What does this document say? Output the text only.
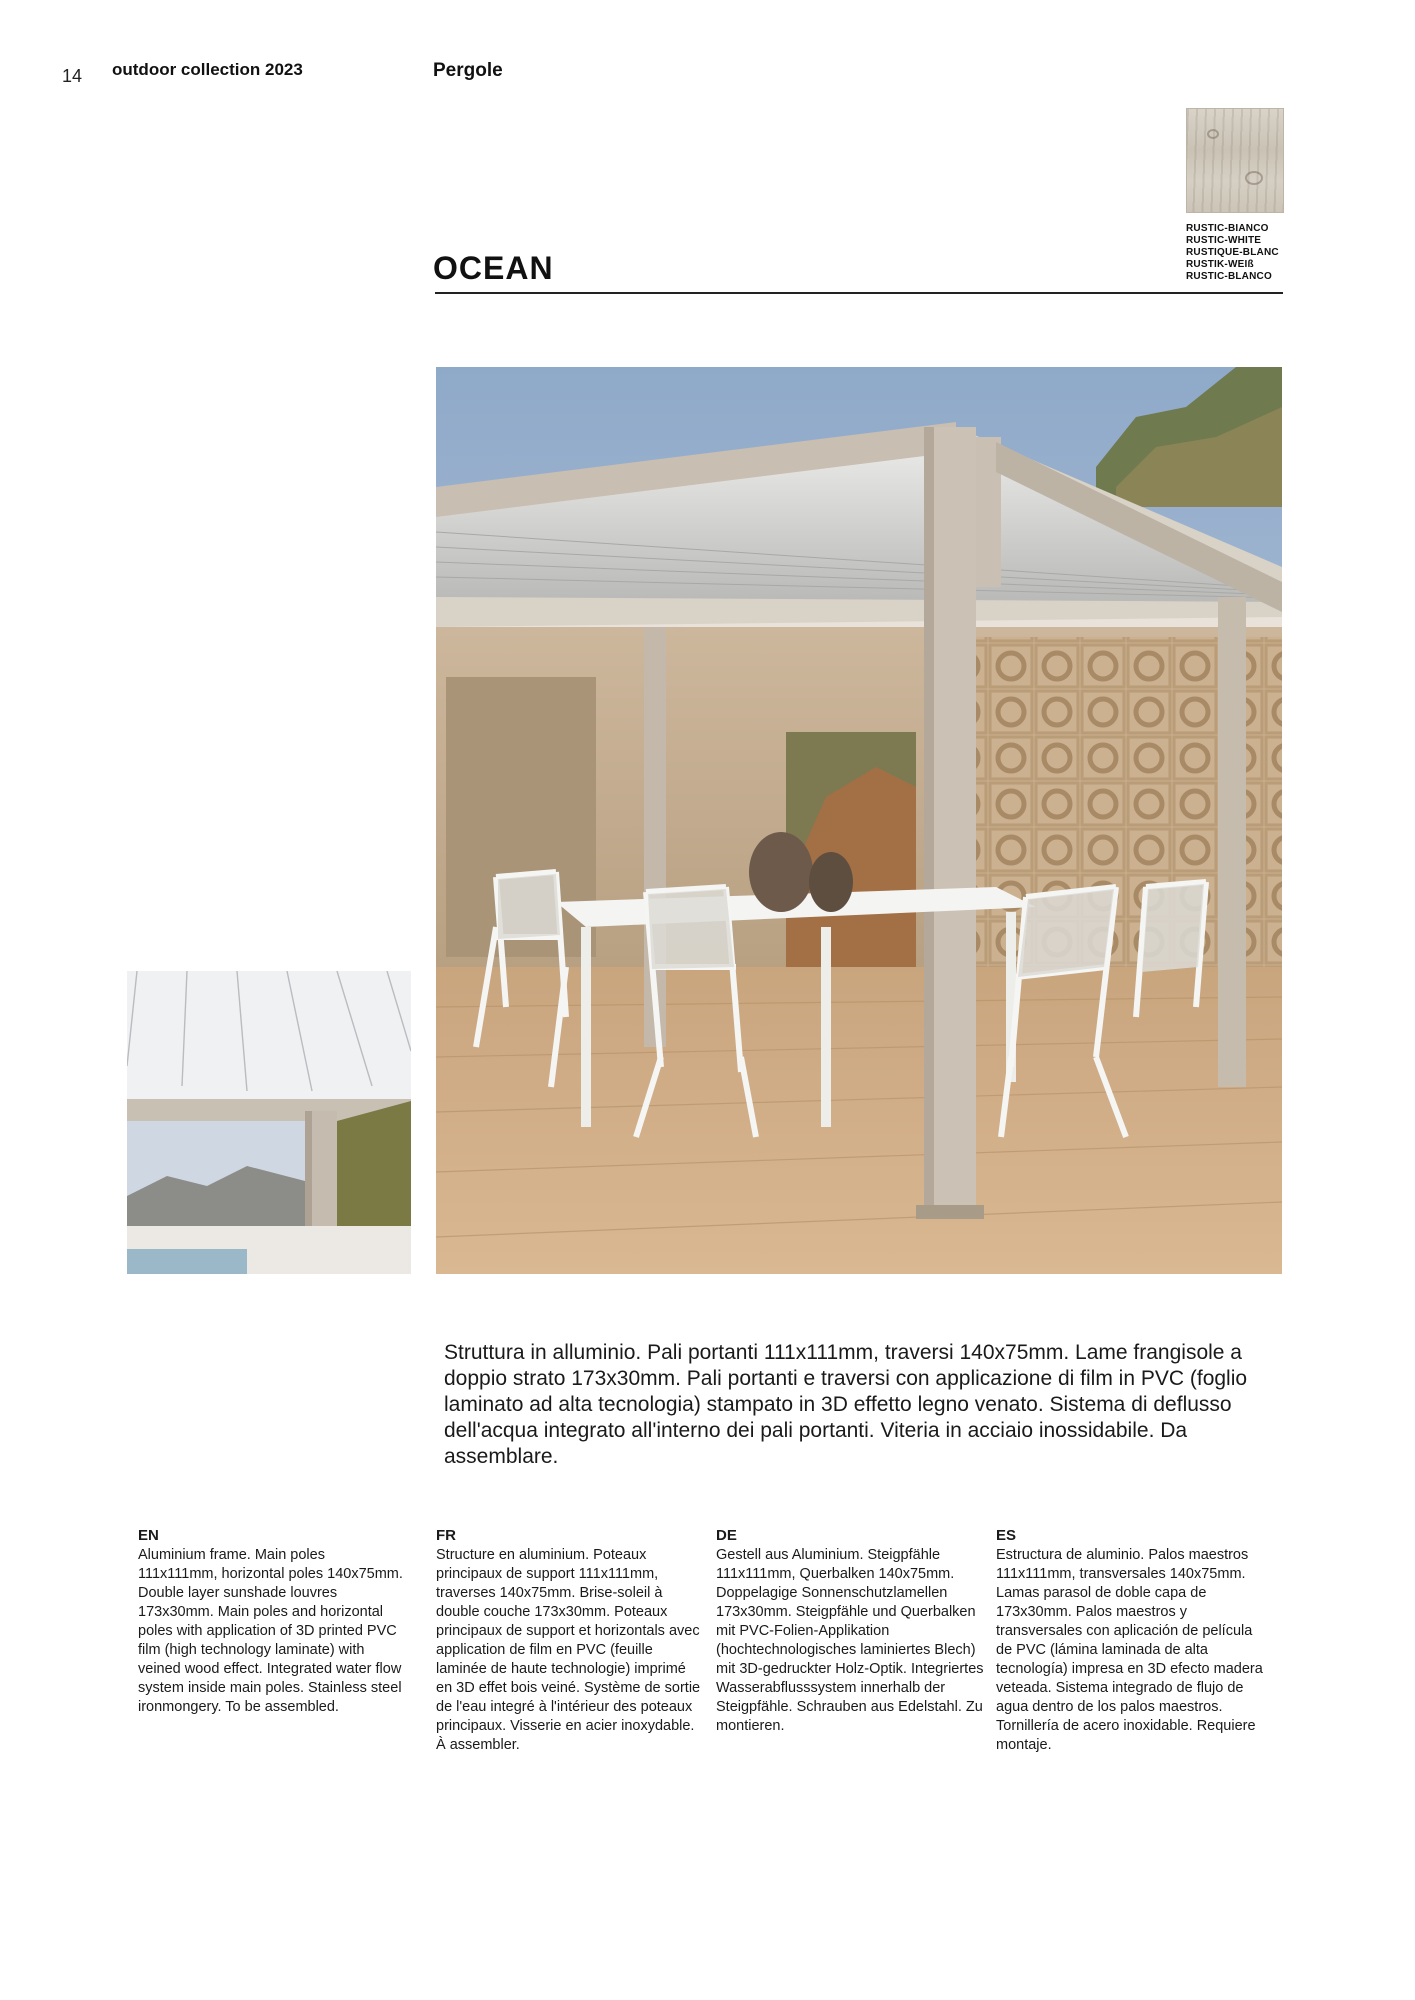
14 outdoor collection 2023	Pergole
RUSTIC-BIANCO
RUSTIC-WHITE
RUSTIQUE-BLANC
RUSTIK-WEIß
RUSTIC-BLANCO
OCEAN
Struttura in alluminio. Pali portanti 111x111mm, traversi 140x75mm. Lame frangisole a doppio strato 173x30mm. Pali portanti e traversi con applicazione di film in PVC (foglio laminato ad alta tecnologia) stampato in 3D effetto legno venato. Sistema di deflusso dell'acqua integrato all'interno dei pali portanti. Viteria in acciaio inossidabile. Da assemblare.
EN
Aluminium frame. Main poles 111x111mm, horizontal poles 140x75mm. Double layer sunshade louvres 173x30mm. Main poles and horizontal poles with application of 3D printed PVC film (high technology laminate) with veined wood effect. Integrated water flow system inside main poles. Stainless steel ironmongery. To be assembled.
FR
Structure en aluminium. Poteaux principaux de support 111x111mm, traverses 140x75mm. Brise-soleil à double couche 173x30mm. Poteaux principaux de support et horizontals avec application de film en PVC (feuille laminée de haute technologie) imprimé en 3D effet bois veiné. Système de sortie de l'eau integré à l'intérieur des poteaux principaux. Visserie en acier inoxydable. À assembler.
DE
Gestell aus Aluminium. Steigpfähle 111x111mm, Querbalken 140x75mm. Doppelagige Sonnenschutzlamellen 173x30mm. Steigpfähle und Querbalken mit PVC-Folien-Applikation (hochtechnologisches laminiertes Blech) mit 3D-gedruckter Holz-Optik. Integriertes Wasserabflusssystem innerhalb der Steigpfähle. Schrauben aus Edelstahl. Zu montieren.
ES
Estructura de aluminio. Palos maestros 111x111mm, transversales 140x75mm. Lamas parasol de doble capa de 173x30mm. Palos maestros y transversales con aplicación de película de PVC (lámina laminada de alta tecnología) impresa en 3D efecto madera veteada. Sistema integrado de flujo de agua dentro de los palos maestros. Tornillería de acero inoxidable. Requiere montaje.
